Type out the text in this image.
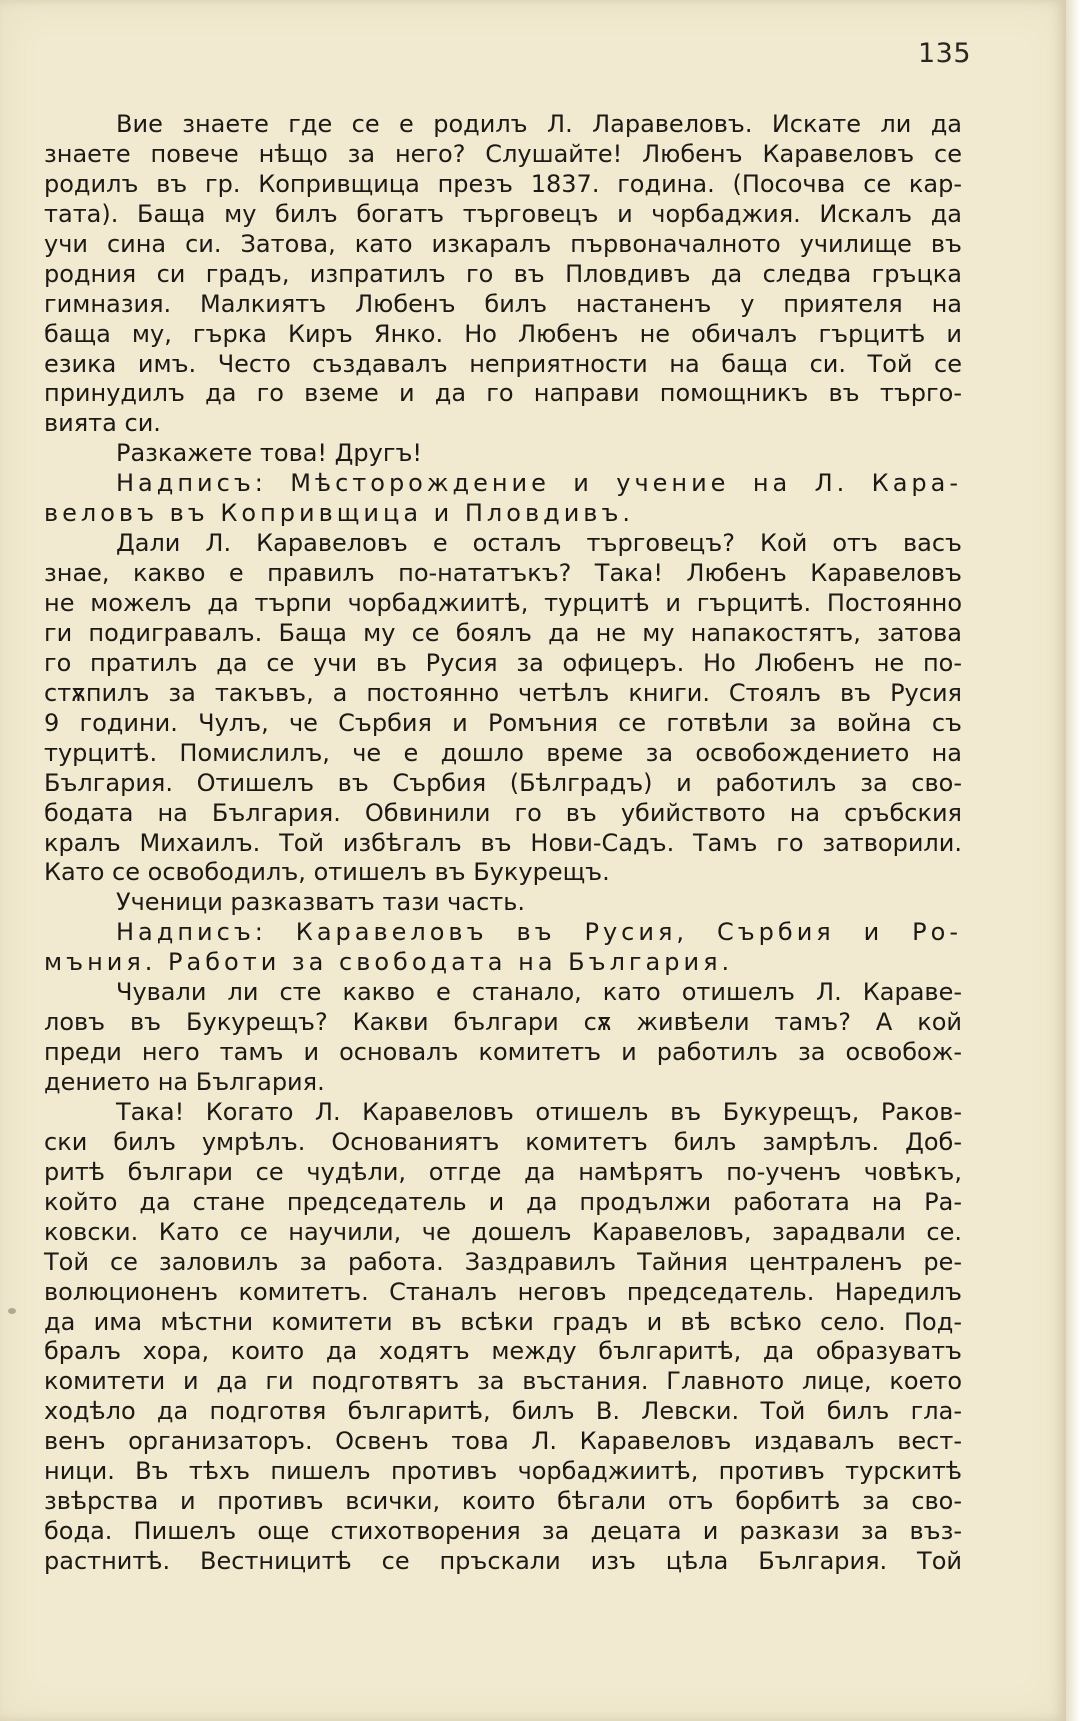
135
Вие знаете где се е родилъ Л. Лаpaвеловъ. Искате ли да
знаете повече нѣщо за него? Слушайте! Любенъ Каравеловъ се
родилъ въ гр. Копривщица презъ 1837. година. (Посочва се кар-
тата). Баща му билъ богатъ търговецъ и чорбаджия. Искалъ да
учи сина си. Затова, като изкаралъ първоначалното училище въ
родния си градъ, изпратилъ го въ Пловдивъ да следва гръцка
гимназия. Малкиятъ Любенъ билъ настаненъ у приятеля на
баща му, гърка Киръ Янко. Но Любенъ не обичалъ гърцитѣ и
езика имъ. Често създавалъ неприятности на баща си. Той се
принудилъ да го вземе и да го направи помощникъ въ търго-
вията си.
Разкажете това! Другъ!
Надписъ: Мѣсторождение и учение на Л. Кара-
веловъ въ Копривщица и Пловдивъ.
Дали Л. Каравеловъ е осталъ търговецъ? Кой отъ васъ
знае, какво е правилъ по-нататъкъ? Така! Любенъ Каравеловъ
не можелъ да търпи чорбаджиитѣ, турцитѣ и гърцитѣ. Постоянно
ги подигравалъ. Баща му се боялъ да не му напакостятъ, затова
го пратилъ да се учи въ Русия за офицеръ. Но Любенъ не по-
стѫпилъ за такъвъ, а постоянно четѣлъ книги. Стоялъ въ Русия
9 години. Чулъ, че Сърбия и Ромъния се готвѣли за война съ
турцитѣ. Помислилъ, че е дошло време за освобождението на
България. Отишелъ въ Сърбия (Бѣлградъ) и работилъ за сво-
бодата на България. Обвинили го въ убийството на сръбския
кралъ Михаилъ. Той избѣгалъ въ Нови-Садъ. Тамъ го затворили.
Като се освободилъ, отишелъ въ Букурещъ.
Ученици разказватъ тази часть.
Надписъ: Каравеловъ въ Русия, Сърбия и Ро-
мъния. Работи за свободата на България.
Чували ли сте какво е станало, като отишелъ Л. Караве-
ловъ въ Букурещъ? Какви българи сѫ живѣели тамъ? А кой
преди него тамъ и основалъ комитетъ и работилъ за освобож-
дението на България.
Така! Когато Л. Каравеловъ отишелъ въ Букурещъ, Раков-
ски билъ умрѣлъ. Основаниятъ комитетъ билъ замрѣлъ. Доб-
ритѣ българи се чудѣли, отгде да намѣрятъ по-ученъ човѣкъ,
който да стане председатель и да продължи работата на Ра-
ковски. Като се научили, че дошелъ Каравеловъ, зарадвали се.
Той се заловилъ за работа. Заздравилъ Тайния централенъ ре-
волюционенъ комитетъ. Станалъ неговъ председатель. Наредилъ
да има мѣстни комитети въ всѣки градъ и вѣ всѣко село. Под-
бралъ хора, които да ходятъ между българитѣ, да образуватъ
комитети и да ги подготвятъ за въстания. Главното лице, което
ходѣло да подготвя българитѣ, билъ В. Левски. Той билъ гла-
венъ организаторъ. Освенъ това Л. Каравеловъ издавалъ вест-
ници. Въ тѣхъ пишелъ противъ чорбаджиитѣ, противъ турскитѣ
звѣрства и противъ всички, които бѣгали отъ борбитѣ за сво-
бода. Пишелъ още стихотворения за децата и разкази за въз-
растнитѣ. Вестницитѣ се пръскали изъ цѣла България. Той
